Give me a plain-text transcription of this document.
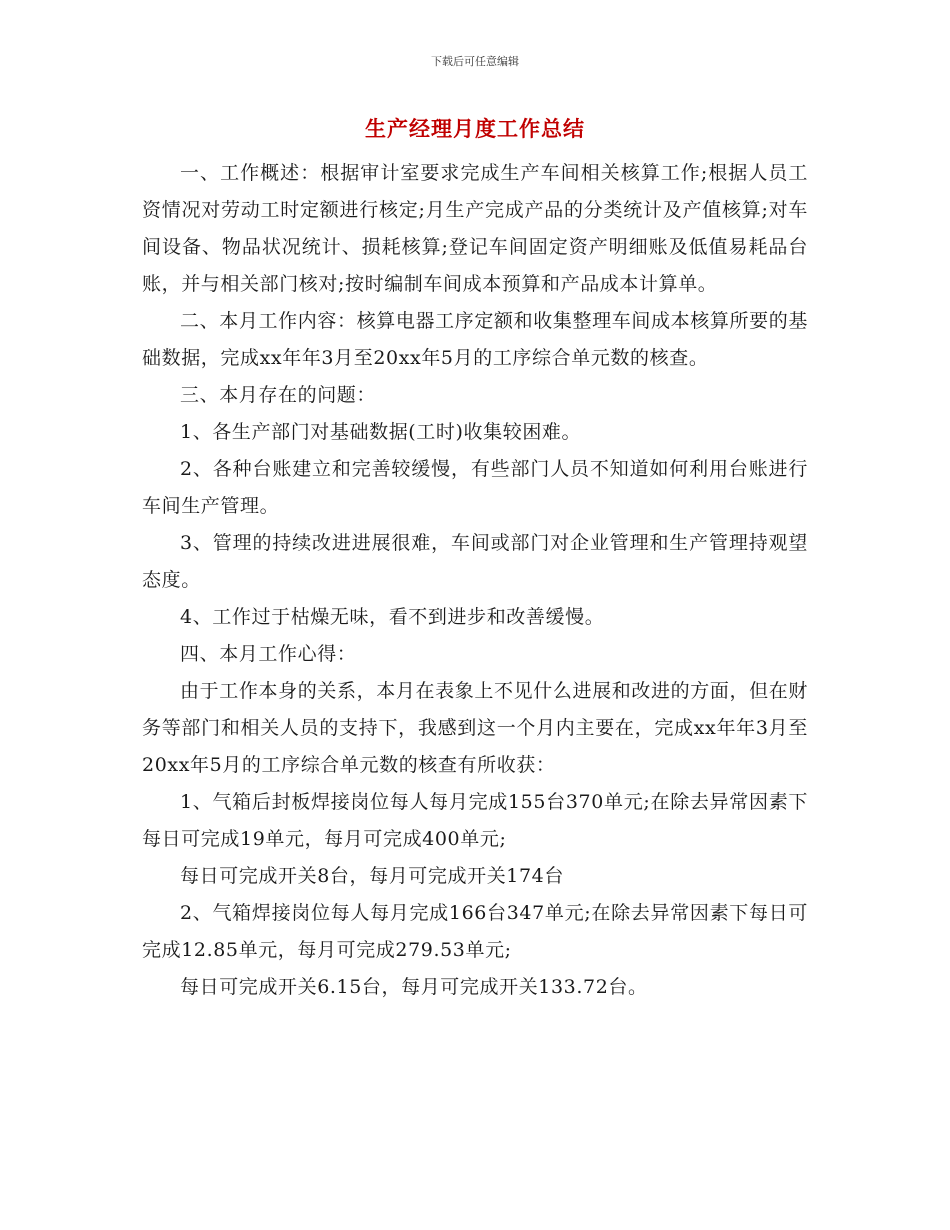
下载后可任意编辑
生产经理月度工作总结

一、工作概述：根据审计室要求完成生产车间相关核算工作;根据人员工资情况对劳动工时定额进行核定;月生产完成产品的分类统计及产值核算;对车间设备、物品状况统计、损耗核算;登记车间固定资产明细账及低值易耗品台账，并与相关部门核对;按时编制车间成本预算和产品成本计算单。

二、本月工作内容：核算电器工序定额和收集整理车间成本核算所要的基础数据，完成xx年年3月至20xx年5月的工序综合单元数的核查。

三、本月存在的问题：

1、各生产部门对基础数据(工时)收集较困难。

2、各种台账建立和完善较缓慢，有些部门人员不知道如何利用台账进行车间生产管理。

3、管理的持续改进进展很难，车间或部门对企业管理和生产管理持观望态度。

4、工作过于枯燥无味，看不到进步和改善缓慢。

四、本月工作心得：

由于工作本身的关系，本月在表象上不见什么进展和改进的方面，但在财务等部门和相关人员的支持下，我感到这一个月内主要在，完成xx年年3月至20xx年5月的工序综合单元数的核查有所收获：

1、气箱后封板焊接岗位每人每月完成155台370单元;在除去异常因素下每日可完成19单元，每月可完成400单元;

每日可完成开关8台，每月可完成开关174台

2、气箱焊接岗位每人每月完成166台347单元;在除去异常因素下每日可完成12.85单元，每月可完成279.53单元;

每日可完成开关6.15台，每月可完成开关133.72台。
